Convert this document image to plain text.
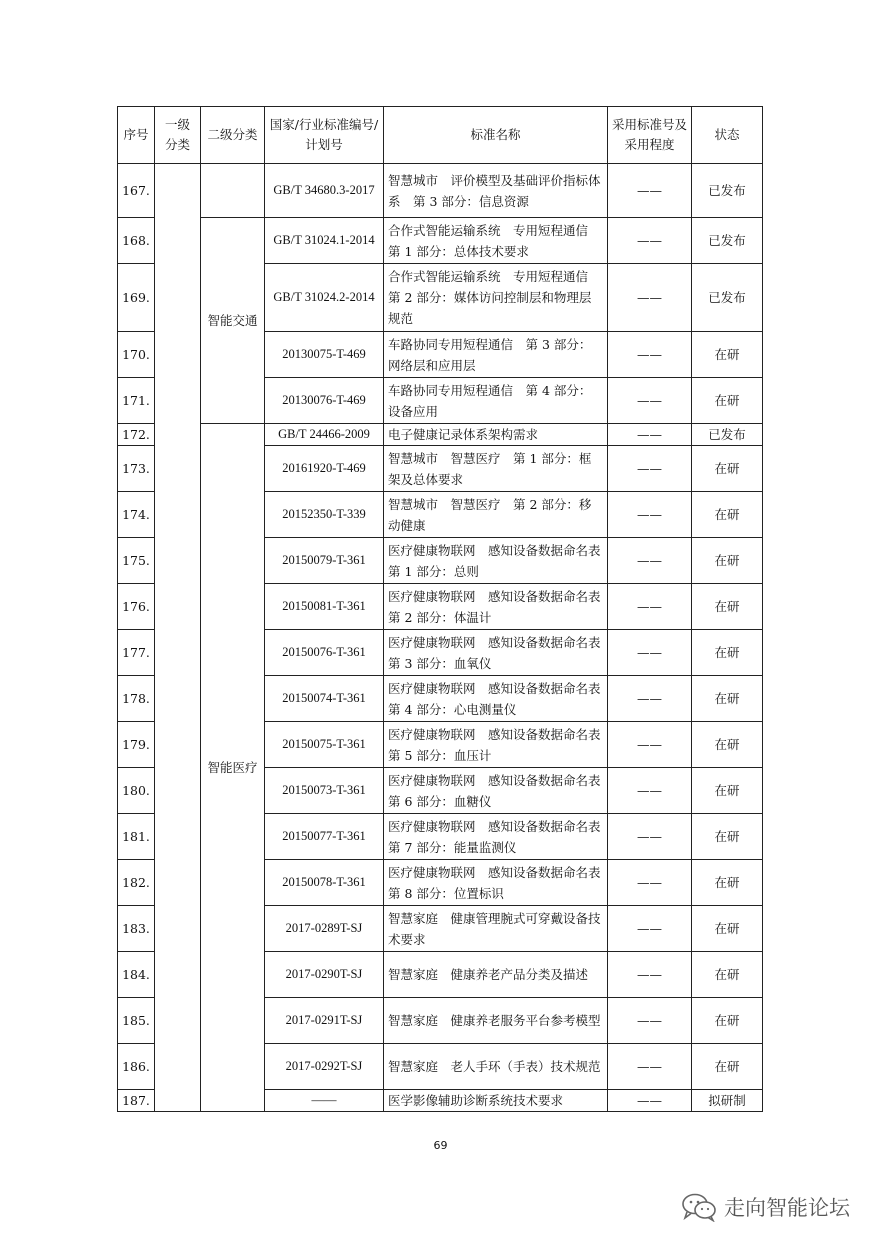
序号	一级分类	二级分类	国家/行业标准编号/计划号	标准名称	采用标准号及采用程度	状态
167.			GB/T 34680.3-2017	智慧城市　评价模型及基础评价指标体系　第 3 部分：信息资源	——	已发布
168.		智能交通	GB/T 31024.1-2014	合作式智能运输系统　专用短程通信　第 1 部分：总体技术要求	——	已发布
169.			GB/T 31024.2-2014	合作式智能运输系统　专用短程通信　第 2 部分：媒体访问控制层和物理层规范	——	已发布
170.			20130075-T-469	车路协同专用短程通信　第 3 部分：网络层和应用层	——	在研
171.			20130076-T-469	车路协同专用短程通信　第 4 部分：设备应用	——	在研
172.		智能医疗	GB/T 24466-2009	电子健康记录体系架构需求	——	已发布
173.			20161920-T-469	智慧城市　智慧医疗　第 1 部分：框架及总体要求	——	在研
174.			20152350-T-339	智慧城市　智慧医疗　第 2 部分：移动健康	——	在研
175.			20150079-T-361	医疗健康物联网　感知设备数据命名表　第 1 部分：总则	——	在研
176.			20150081-T-361	医疗健康物联网　感知设备数据命名表　第 2 部分：体温计	——	在研
177.			20150076-T-361	医疗健康物联网　感知设备数据命名表　第 3 部分：血氧仪	——	在研
178.			20150074-T-361	医疗健康物联网　感知设备数据命名表　第 4 部分：心电测量仪	——	在研
179.			20150075-T-361	医疗健康物联网　感知设备数据命名表　第 5 部分：血压计	——	在研
180.			20150073-T-361	医疗健康物联网　感知设备数据命名表　第 6 部分：血糖仪	——	在研
181.			20150077-T-361	医疗健康物联网　感知设备数据命名表　第 7 部分：能量监测仪	——	在研
182.			20150078-T-361	医疗健康物联网　感知设备数据命名表　第 8 部分：位置标识	——	在研
183.			2017-0289T-SJ	智慧家庭　健康管理腕式可穿戴设备技术要求	——	在研
184.			2017-0290T-SJ	智慧家庭　健康养老产品分类及描述	——	在研
185.			2017-0291T-SJ	智慧家庭　健康养老服务平台参考模型	——	在研
186.			2017-0292T-SJ	智慧家庭　老人手环（手表）技术规范	——	在研
187.			——	医学影像辅助诊断系统技术要求	——	拟研制
69
走向智能论坛
